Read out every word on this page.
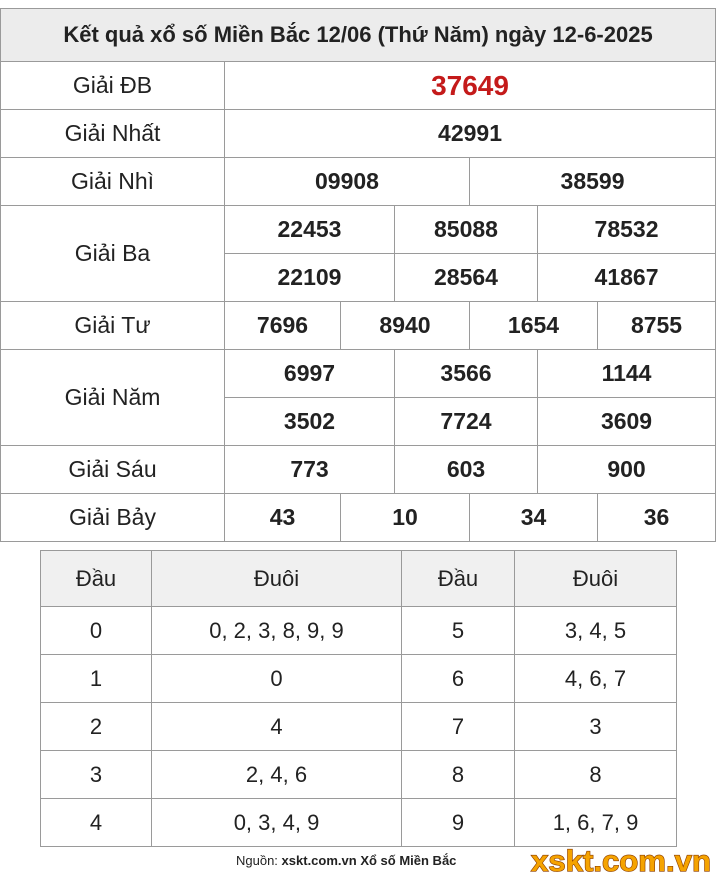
Kết quả xổ số Miền Bắc 12/06 (Thứ Năm) ngày 12-6-2025						
Giải ĐB	37649					
Giải Nhất	42991					
Giải Nhì	09908			38599		
Giải Ba	22453		85088		78532	
	22109		28564		41867	
Giải Tư	7696	8940		1654		8755
Giải Năm	6997		3566		1144	
	3502		7724		3609	
Giải Sáu	773		603		900	
Giải Bảy	43	10		34		36
Đầu	Đuôi	Đầu	Đuôi
0	0, 2, 3, 8, 9, 9	5	3, 4, 5
1	0	6	4, 6, 7
2	4	7	3
3	2, 4, 6	8	8
4	0, 3, 4, 9	9	1, 6, 7, 9
Nguồn: xskt.com.vn Xổ số Miền Bắc xskt.com.vn
